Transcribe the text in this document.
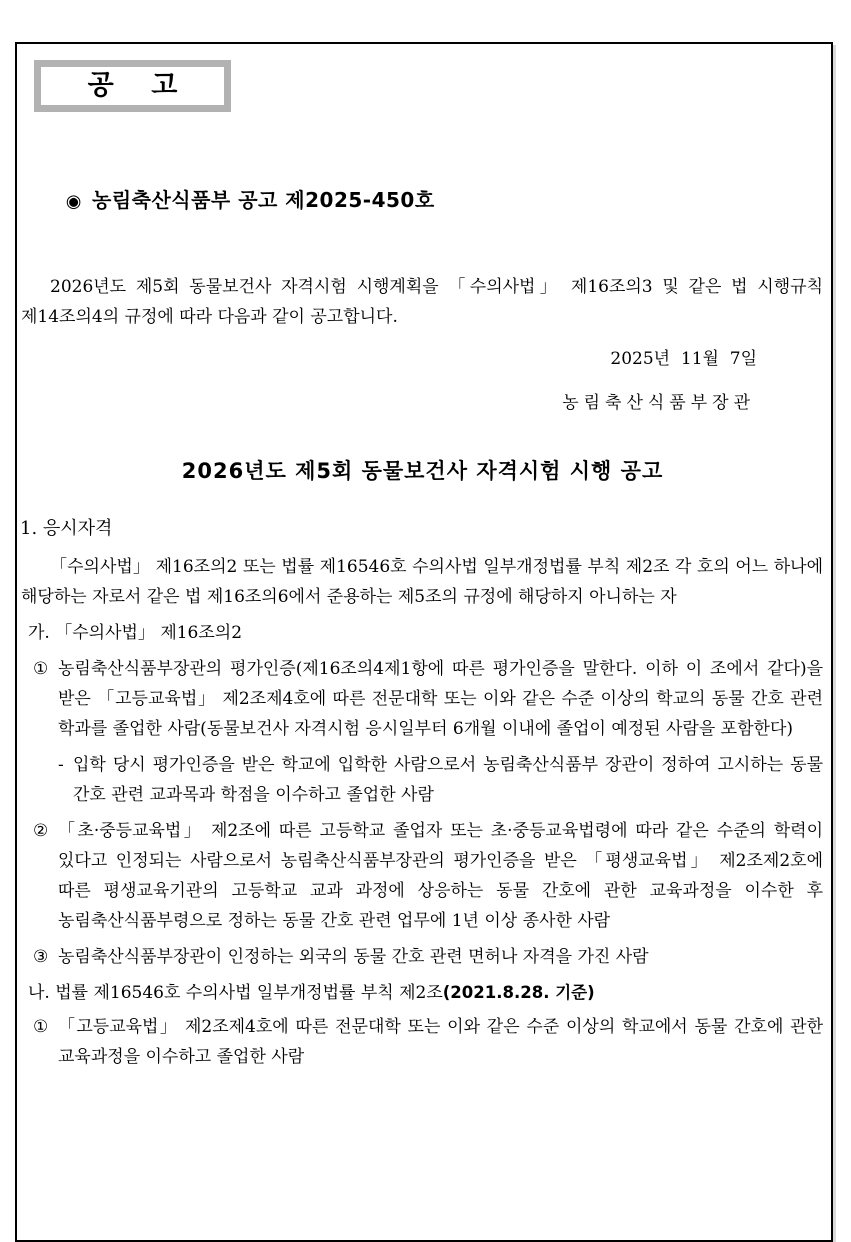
공    고

◉ 농림축산식품부 공고 제2025-450호

2026년도 제5회 동물보건사 자격시험 시행계획을 「수의사법」 제16조의3 및 같은 법 시행규칙 제14조의4의 규정에 따라 다음과 같이 공고합니다.
2025년  11월  7일
농림축산식품부장관
2026년도 제5회 동물보건사 자격시험 시행 공고
1. 응시자격
「수의사법」 제16조의2 또는 법률 제16546호 수의사법 일부개정법률 부칙 제2조 각 호의 어느 하나에 해당하는 자로서 같은 법 제16조의6에서 준용하는 제5조의 규정에 해당하지 아니하는 자
가. 「수의사법」 제16조의2
① 농림축산식품부장관의 평가인증(제16조의4제1항에 따른 평가인증을 말한다. 이하 이 조에서 같다)을 받은 「고등교육법」 제2조제4호에 따른 전문대학 또는 이와 같은 수준 이상의 학교의 동물 간호 관련 학과를 졸업한 사람(동물보건사 자격시험 응시일부터 6개월 이내에 졸업이 예정된 사람을 포함한다)
- 입학 당시 평가인증을 받은 학교에 입학한 사람으로서 농림축산식품부 장관이 정하여 고시하는 동물 간호 관련 교과목과 학점을 이수하고 졸업한 사람
② 「초·중등교육법」 제2조에 따른 고등학교 졸업자 또는 초·중등교육법령에 따라 같은 수준의 학력이 있다고 인정되는 사람으로서 농림축산식품부장관의 평가인증을 받은 「평생교육법」 제2조제2호에 따른 평생교육기관의 고등학교 교과 과정에 상응하는 동물 간호에 관한 교육과정을 이수한 후 농림축산식품부령으로 정하는 동물 간호 관련 업무에 1년 이상 종사한 사람
③ 농림축산식품부장관이 인정하는 외국의 동물 간호 관련 면허나 자격을 가진 사람
나. 법률 제16546호 수의사법 일부개정법률 부칙 제2조(2021.8.28. 기준)
① 「고등교육법」 제2조제4호에 따른 전문대학 또는 이와 같은 수준 이상의 학교에서 동물 간호에 관한 교육과정을 이수하고 졸업한 사람
